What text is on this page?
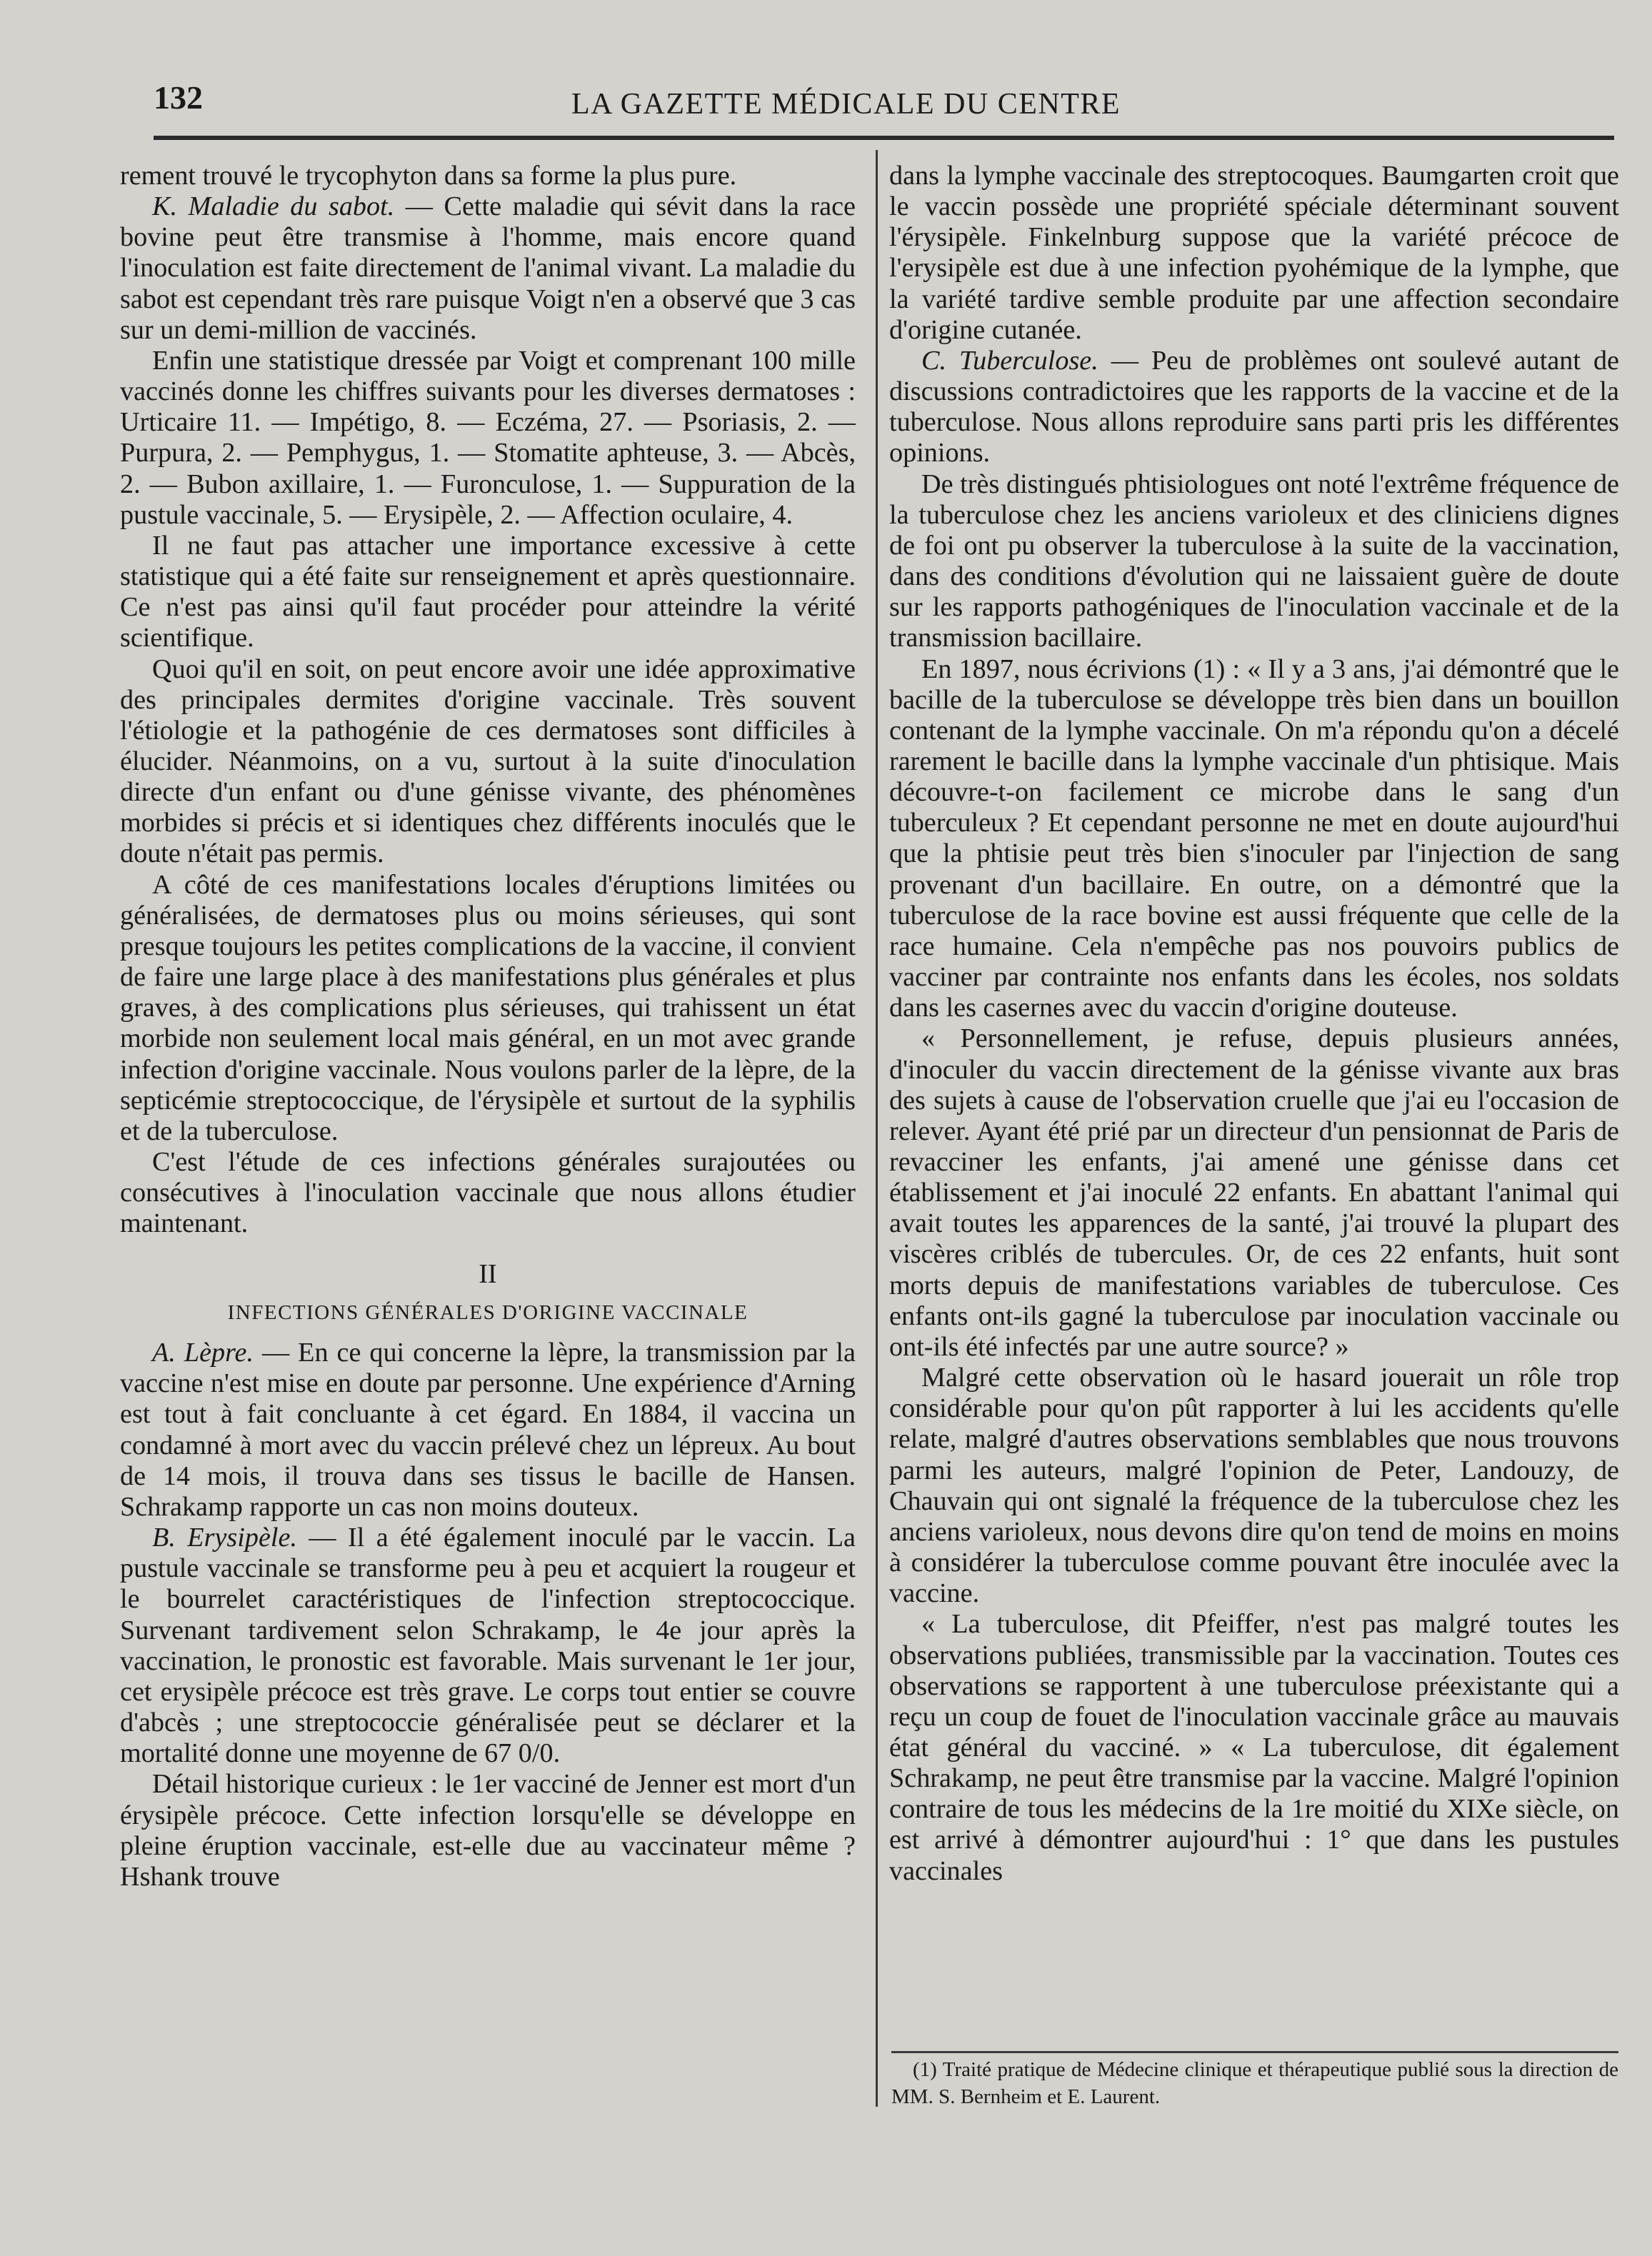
132	LA GAZETTE MÉDICALE DU CENTRE

rement trouvé le trycophyton dans sa forme la plus pure.

K. Maladie du sabot. — Cette maladie qui sévit dans la race bovine peut être transmise à l'homme, mais encore quand l'inoculation est faite directement de l'animal vivant. La maladie du sabot est cependant très rare puisque Voigt n'en a observé que 3 cas sur un demi-million de vaccinés.

Enfin une statistique dressée par Voigt et comprenant 100 mille vaccinés donne les chiffres suivants pour les diverses dermatoses : Urticaire 11. — Impétigo, 8. — Eczéma, 27. — Psoriasis, 2. — Purpura, 2. — Pemphygus, 1. — Stomatite aphteuse, 3. — Abcès, 2. — Bubon axillaire, 1. — Furonculose, 1. — Suppuration de la pustule vaccinale, 5. — Erysipèle, 2. — Affection oculaire, 4.

Il ne faut pas attacher une importance excessive à cette statistique qui a été faite sur renseignement et après questionnaire. Ce n'est pas ainsi qu'il faut procéder pour atteindre la vérité scientifique.

Quoi qu'il en soit, on peut encore avoir une idée approximative des principales dermites d'origine vaccinale. Très souvent l'étiologie et la pathogénie de ces dermatoses sont difficiles à élucider. Néanmoins, on a vu, surtout à la suite d'inoculation directe d'un enfant ou d'une génisse vivante, des phénomènes morbides si précis et si identiques chez différents inoculés que le doute n'était pas permis.

A côté de ces manifestations locales d'éruptions limitées ou généralisées, de dermatoses plus ou moins sérieuses, qui sont presque toujours les petites complications de la vaccine, il convient de faire une large place à des manifestations plus générales et plus graves, à des complications plus sérieuses, qui trahissent un état morbide non seulement local mais général, en un mot avec grande infection d'origine vaccinale. Nous voulons parler de la lèpre, de la septicémie streptococcique, de l'érysipèle et surtout de la syphilis et de la tuberculose.

C'est l'étude de ces infections générales surajoutées ou consécutives à l'inoculation vaccinale que nous allons étudier maintenant.

II
INFECTIONS GÉNÉRALES D'ORIGINE VACCINALE

A. Lèpre. — En ce qui concerne la lèpre, la transmission par la vaccine n'est mise en doute par personne. Une expérience d'Arning est tout à fait concluante à cet égard. En 1884, il vaccina un condamné à mort avec du vaccin prélevé chez un lépreux. Au bout de 14 mois, il trouva dans ses tissus le bacille de Hansen. Schrakamp rapporte un cas non moins douteux.

B. Erysipèle. — Il a été également inoculé par le vaccin. La pustule vaccinale se transforme peu à peu et acquiert la rougeur et le bourrelet caractéristiques de l'infection streptococcique. Survenant tardivement selon Schrakamp, le 4e jour après la vaccination, le pronostic est favorable. Mais survenant le 1er jour, cet erysipèle précoce est très grave. Le corps tout entier se couvre d'abcès ; une streptococcie généralisée peut se déclarer et la mortalité donne une moyenne de 67 0/0.

Détail historique curieux : le 1er vacciné de Jenner est mort d'un érysipèle précoce. Cette infection lorsqu'elle se développe en pleine éruption vaccinale, est-elle due au vaccinateur même ? Hshank trouve

dans la lymphe vaccinale des streptocoques. Baumgarten croit que le vaccin possède une propriété spéciale déterminant souvent l'érysipèle. Finkelnburg suppose que la variété précoce de l'erysipèle est due à une infection pyohémique de la lymphe, que la variété tardive semble produite par une affection secondaire d'origine cutanée.

C. Tuberculose. — Peu de problèmes ont soulevé autant de discussions contradictoires que les rapports de la vaccine et de la tuberculose. Nous allons reproduire sans parti pris les différentes opinions.

De très distingués phtisiologues ont noté l'extrême fréquence de la tuberculose chez les anciens varioleux et des cliniciens dignes de foi ont pu observer la tuberculose à la suite de la vaccination, dans des conditions d'évolution qui ne laissaient guère de doute sur les rapports pathogéniques de l'inoculation vaccinale et de la transmission bacillaire.

En 1897, nous écrivions (1) : « Il y a 3 ans, j'ai démontré que le bacille de la tuberculose se développe très bien dans un bouillon contenant de la lymphe vaccinale. On m'a répondu qu'on a décelé rarement le bacille dans la lymphe vaccinale d'un phtisique. Mais découvre-t-on facilement ce microbe dans le sang d'un tuberculeux ? Et cependant personne ne met en doute aujourd'hui que la phtisie peut très bien s'inoculer par l'injection de sang provenant d'un bacillaire. En outre, on a démontré que la tuberculose de la race bovine est aussi fréquente que celle de la race humaine. Cela n'empêche pas nos pouvoirs publics de vacciner par contrainte nos enfants dans les écoles, nos soldats dans les casernes avec du vaccin d'origine douteuse.

« Personnellement, je refuse, depuis plusieurs années, d'inoculer du vaccin directement de la génisse vivante aux bras des sujets à cause de l'observation cruelle que j'ai eu l'occasion de relever. Ayant été prié par un directeur d'un pensionnat de Paris de revacciner les enfants, j'ai amené une génisse dans cet établissement et j'ai inoculé 22 enfants. En abattant l'animal qui avait toutes les apparences de la santé, j'ai trouvé la plupart des viscères criblés de tubercules. Or, de ces 22 enfants, huit sont morts depuis de manifestations variables de tuberculose. Ces enfants ont-ils gagné la tuberculose par inoculation vaccinale ou ont-ils été infectés par une autre source? »

Malgré cette observation où le hasard jouerait un rôle trop considérable pour qu'on pût rapporter à lui les accidents qu'elle relate, malgré d'autres observations semblables que nous trouvons parmi les auteurs, malgré l'opinion de Peter, Landouzy, de Chauvain qui ont signalé la fréquence de la tuberculose chez les anciens varioleux, nous devons dire qu'on tend de moins en moins à considérer la tuberculose comme pouvant être inoculée avec la vaccine.

« La tuberculose, dit Pfeiffer, n'est pas malgré toutes les observations publiées, transmissible par la vaccination. Toutes ces observations se rapportent à une tuberculose préexistante qui a reçu un coup de fouet de l'inoculation vaccinale grâce au mauvais état général du vacciné. » « La tuberculose, dit également Schrakamp, ne peut être transmise par la vaccine. Malgré l'opinion contraire de tous les médecins de la 1re moitié du XIXe siècle, on est arrivé à démontrer aujourd'hui : 1° que dans les pustules vaccinales

(1) Traité pratique de Médecine clinique et thérapeutique publié sous la direction de MM. S. Bernheim et E. Laurent.
